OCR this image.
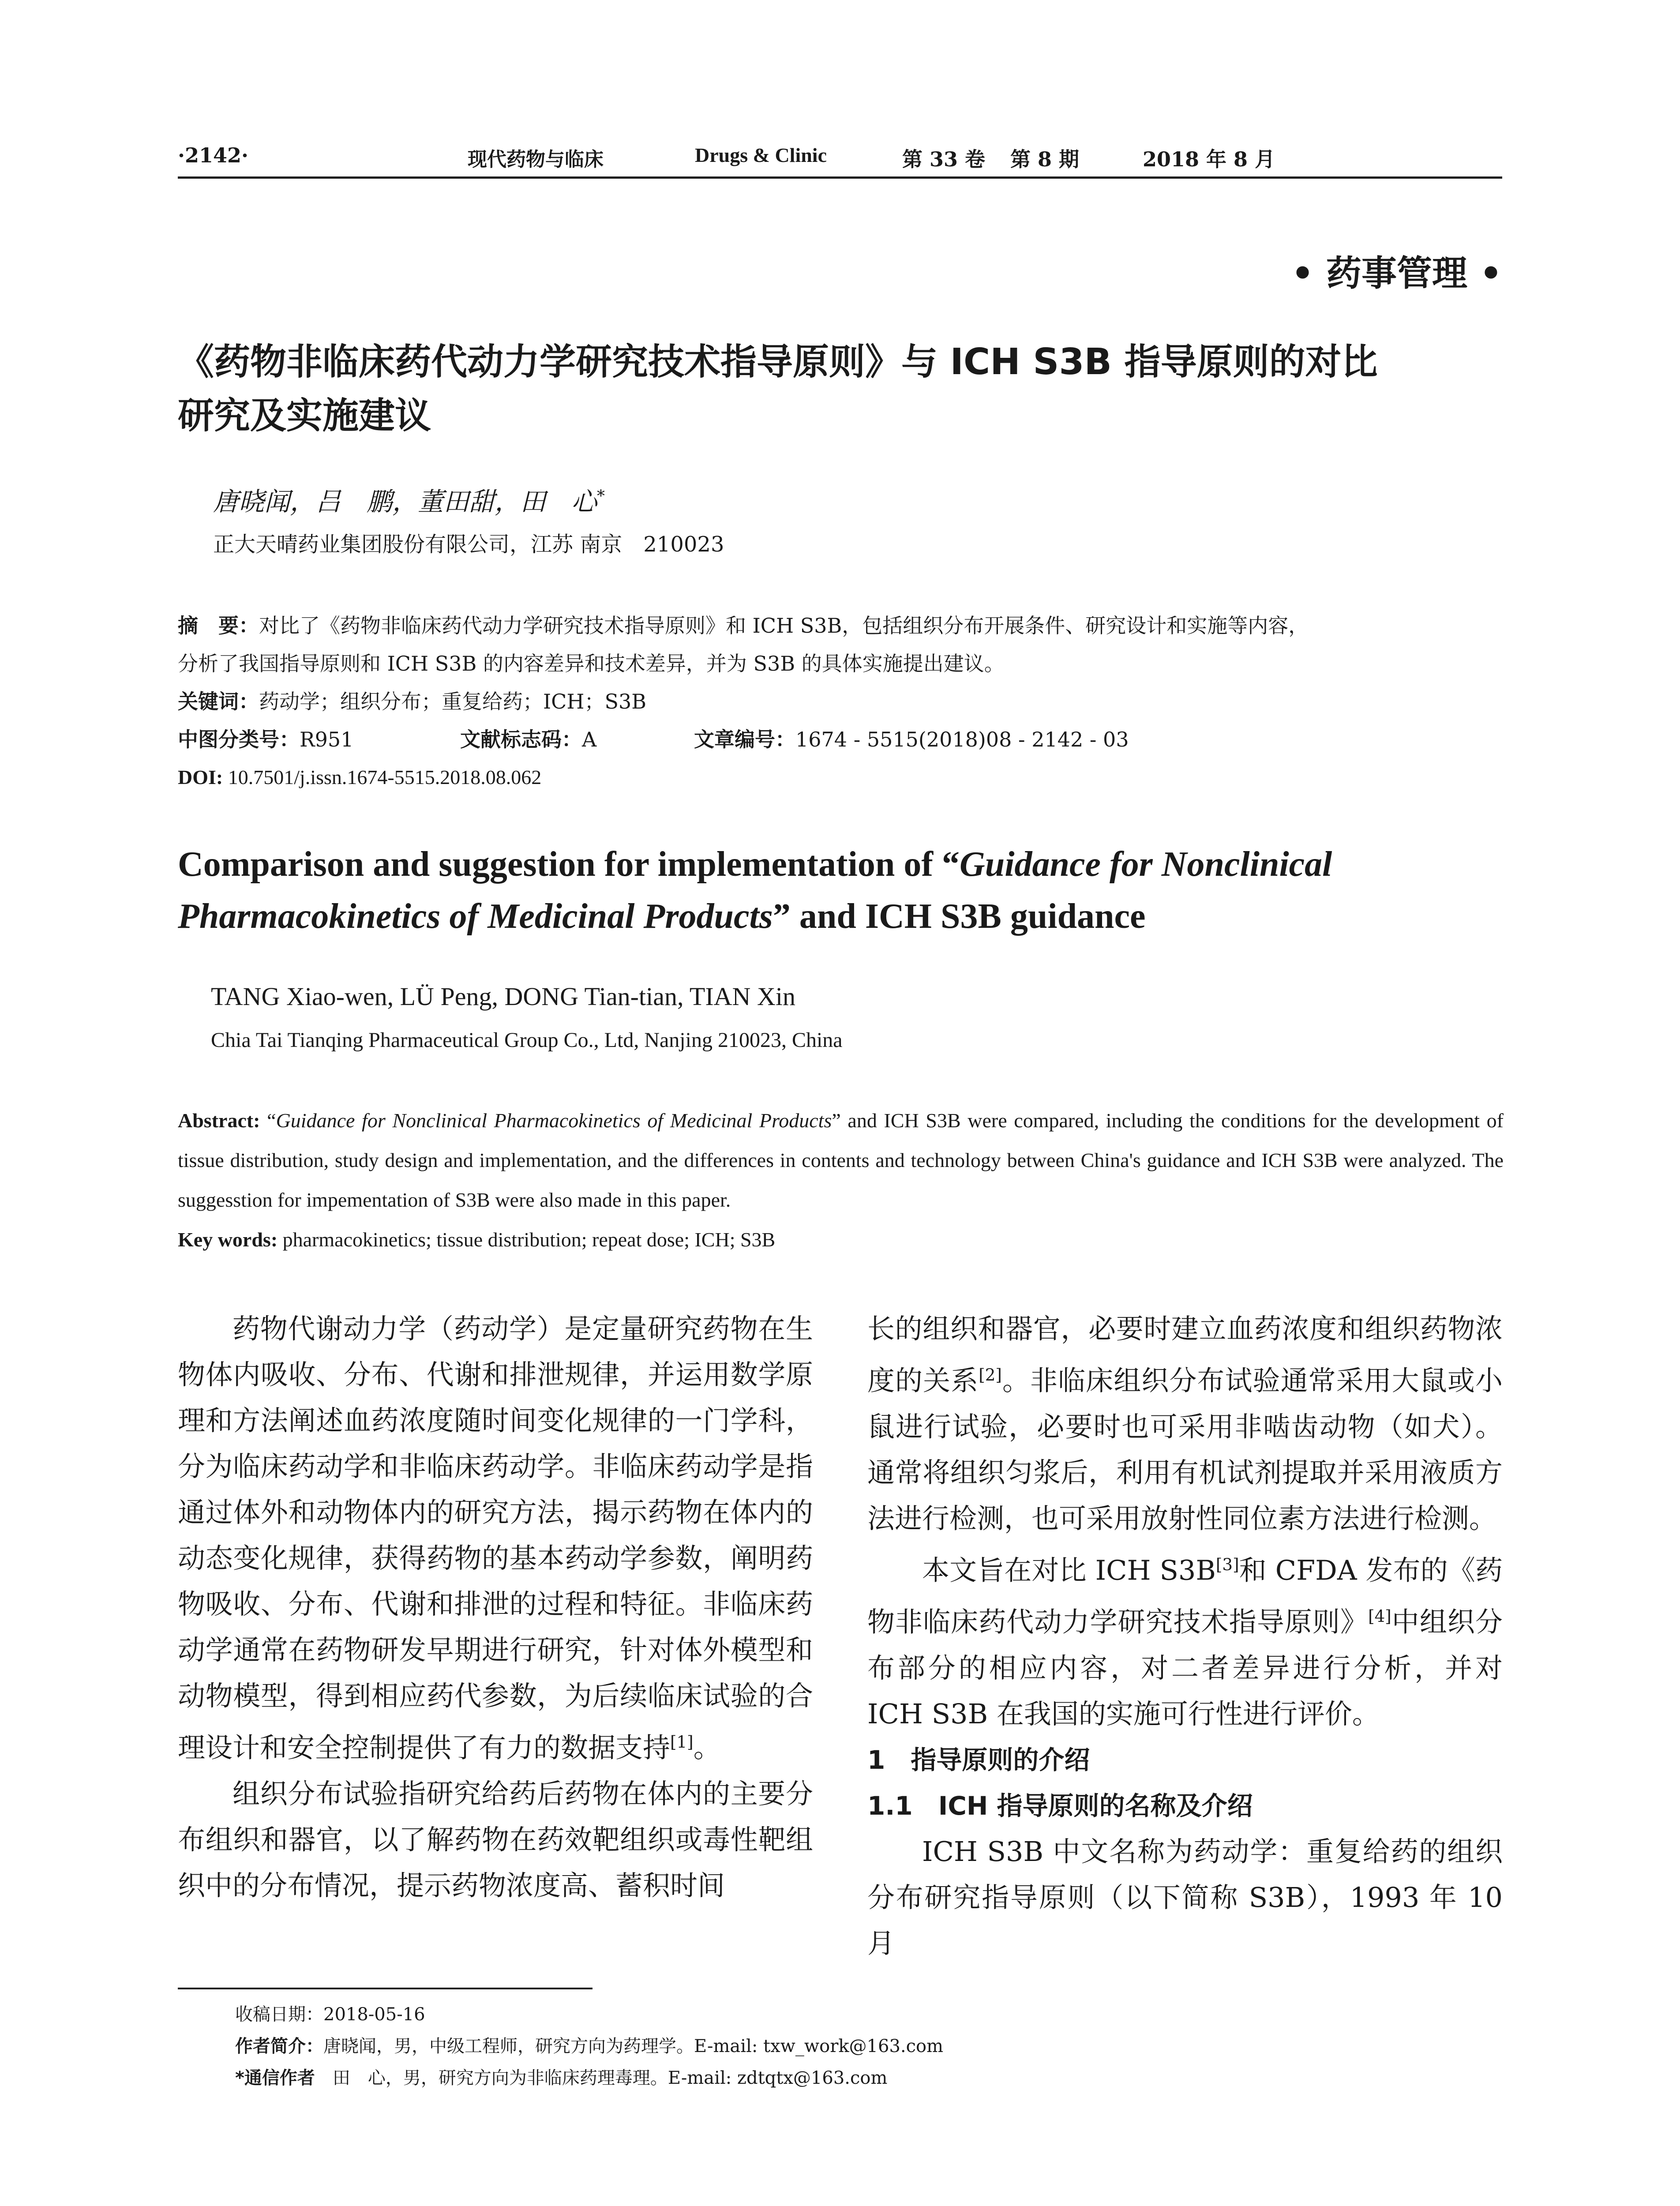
·2142·	现代药物与临床	Drugs & Clinic	第 33 卷 第 8 期	2018 年 8 月
• 药事管理 •
《药物非临床药代动力学研究技术指导原则》与 ICH S3B 指导原则的对比
研究及实施建议
唐晓闻，吕　鹏，董田甜，田　心*
正大天晴药业集团股份有限公司，江苏 南京　210023
摘　要：对比了《药物非临床药代动力学研究技术指导原则》和 ICH S3B，包括组织分布开展条件、研究设计和实施等内容，
分析了我国指导原则和 ICH S3B 的内容差异和技术差异，并为 S3B 的具体实施提出建议。
关键词：药动学；组织分布；重复给药；ICH；S3B
中图分类号：R951	文献标志码：A	文章编号：1674 - 5515(2018)08 - 2142 - 03
DOI: 10.7501/j.issn.1674-5515.2018.08.062
Comparison and suggestion for implementation of “Guidance for Nonclinical
Pharmacokinetics of Medicinal Products” and ICH S3B guidance
TANG Xiao-wen, LÜ Peng, DONG Tian-tian, TIAN Xin
Chia Tai Tianqing Pharmaceutical Group Co., Ltd, Nanjing 210023, China
Abstract: “Guidance for Nonclinical Pharmacokinetics of Medicinal Products” and ICH S3B were compared, including the conditions for the development of tissue distribution, study design and implementation, and the differences in contents and technology between China's guidance and ICH S3B were analyzed. The suggesstion for impementation of S3B were also made in this paper.
Key words: pharmacokinetics; tissue distribution; repeat dose; ICH; S3B

药物代谢动力学（药动学）是定量研究药物在生物体内吸收、分布、代谢和排泄规律，并运用数学原理和方法阐述血药浓度随时间变化规律的一门学科，分为临床药动学和非临床药动学。非临床药动学是指通过体外和动物体内的研究方法，揭示药物在体内的动态变化规律，获得药物的基本药动学参数，阐明药物吸收、分布、代谢和排泄的过程和特征。非临床药动学通常在药物研发早期进行研究，针对体外模型和动物模型，得到相应药代参数，为后续临床试验的合理设计和安全控制提供了有力的数据支持[1]。

组织分布试验指研究给药后药物在体内的主要分布组织和器官，以了解药物在药效靶组织或毒性靶组织中的分布情况，提示药物浓度高、蓄积时间

长的组织和器官，必要时建立血药浓度和组织药物浓度的关系[2]。非临床组织分布试验通常采用大鼠或小鼠进行试验，必要时也可采用非啮齿动物（如犬）。通常将组织匀浆后，利用有机试剂提取并采用液质方法进行检测，也可采用放射性同位素方法进行检测。

本文旨在对比 ICH S3B[3]和 CFDA 发布的《药物非临床药代动力学研究技术指导原则》[4]中组织分布部分的相应内容，对二者差异进行分析，并对 ICH S3B 在我国的实施可行性进行评价。

1　指导原则的介绍

1.1　ICH 指导原则的名称及介绍

ICH S3B 中文名称为药动学：重复给药的组织分布研究指导原则（以下简称 S3B），1993 年 10 月

收稿日期：2018-05-16
作者简介：唐晓闻，男，中级工程师，研究方向为药理学。E-mail: txw_work@163.com
*通信作者　田　心，男，研究方向为非临床药理毒理。E-mail: zdtqtx@163.com
